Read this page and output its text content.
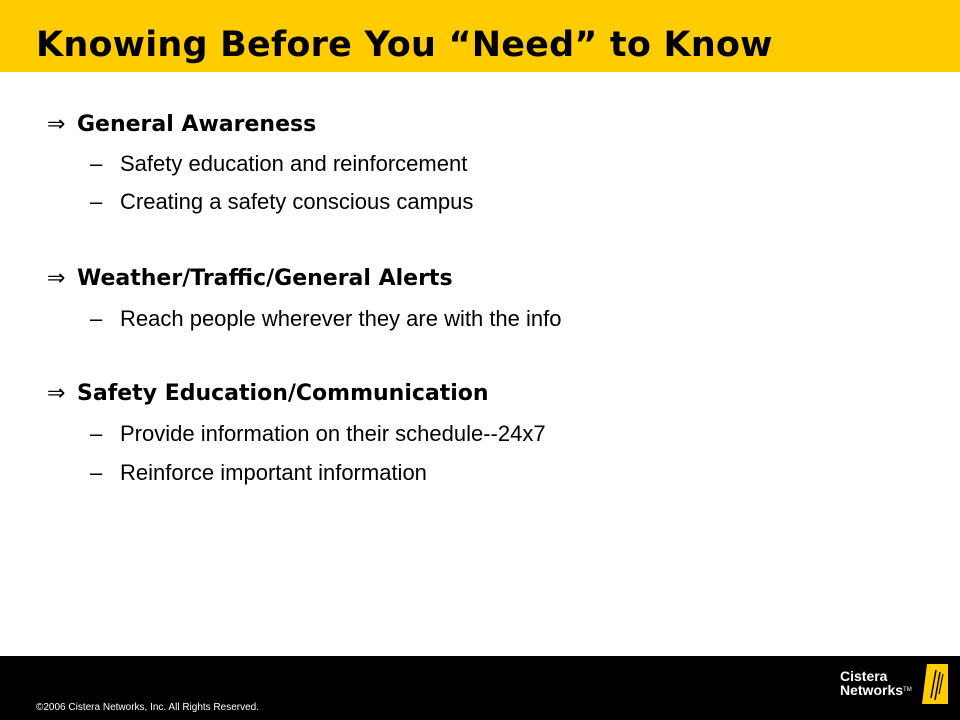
Knowing Before You “Need” to Know
⇒ General Awareness
– Safety education and reinforcement
– Creating a safety conscious campus
⇒ Weather/Traffic/General Alerts
– Reach people wherever they are with the info
⇒ Safety Education/Communication
– Provide information on their schedule--24x7
– Reinforce important information
©2006 Cistera Networks, Inc. All Rights Reserved.
Cistera
Networks™
